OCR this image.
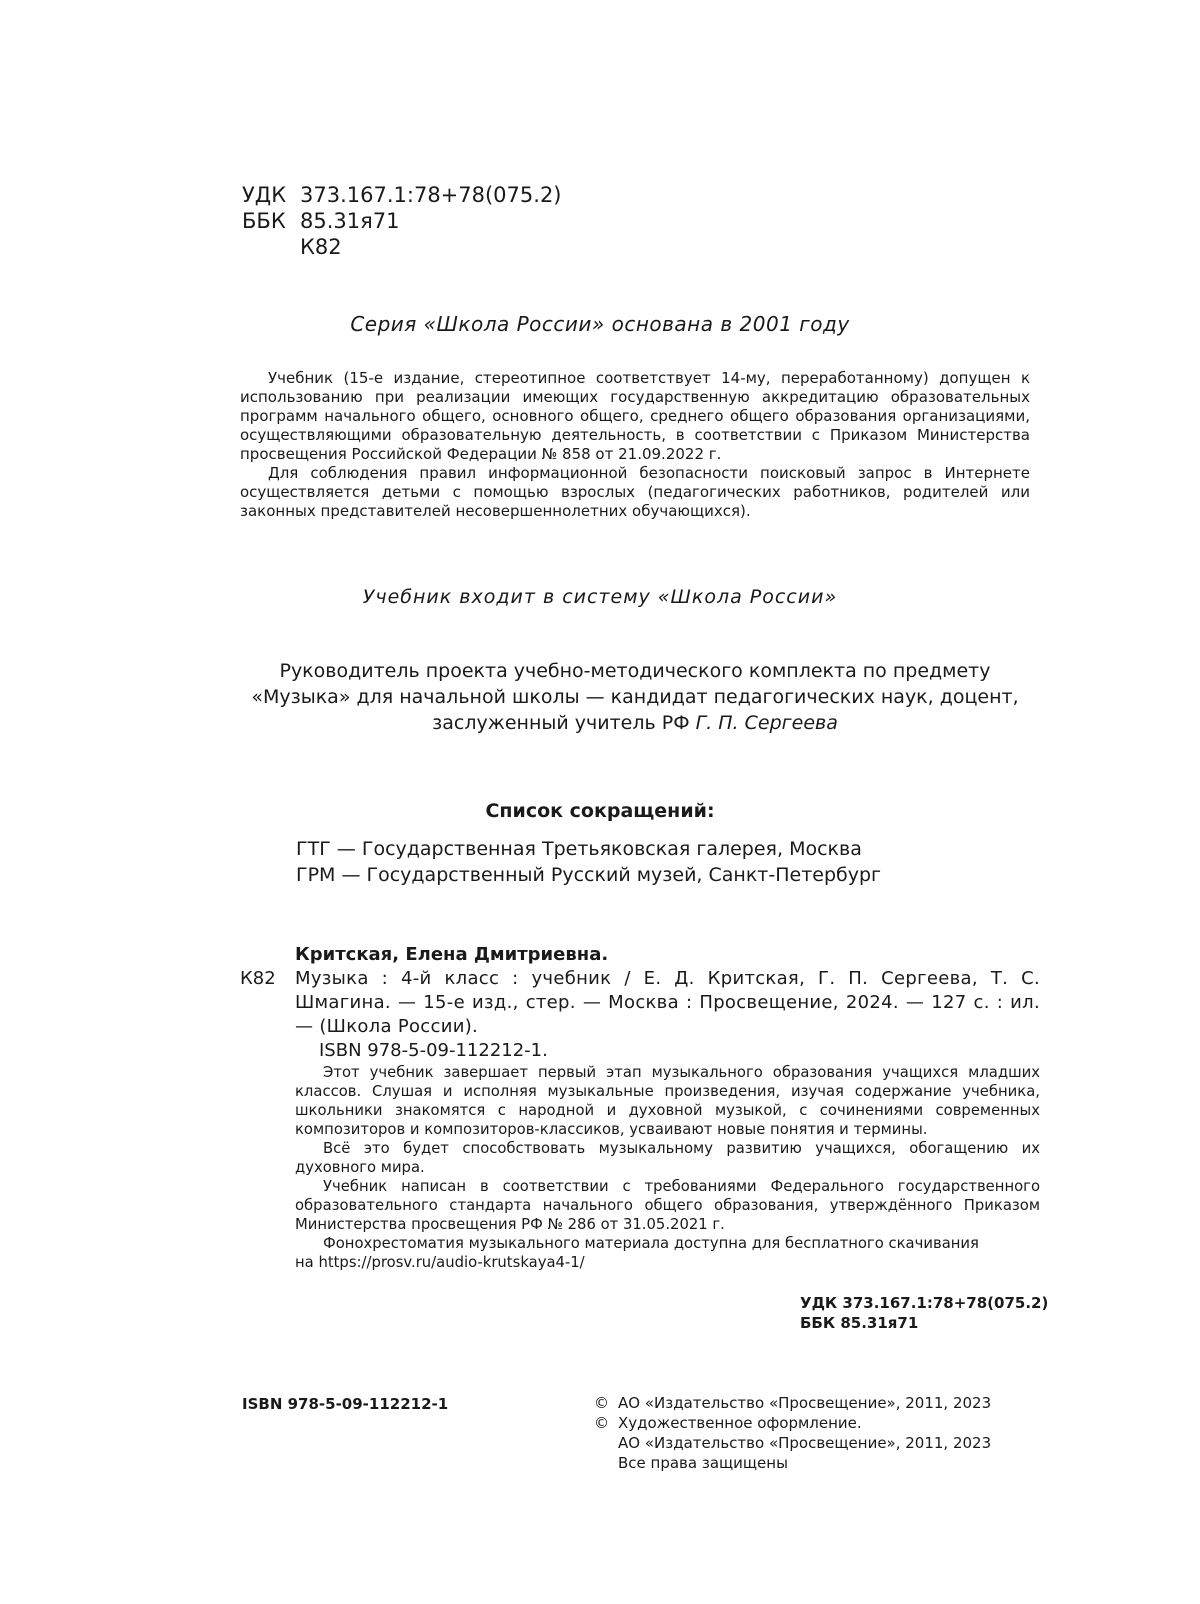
УДК 373.167.1:78+78(075.2)
ББК 85.31я71
К82
Серия «Школа России» основана в 2001 году

Учебник (15-е издание, стереотипное соответствует 14-му, переработанному) допущен к использованию при реализации имеющих государственную аккредитацию образовательных программ начального общего, основного общего, среднего общего образования организациями, осуществляющими образовательную деятельность, в соответствии с Приказом Министерства просвещения Российской Федерации № 858 от 21.09.2022 г.

Для соблюдения правил информационной безопасности поисковый запрос в Интернете осуществляется детьми с помощью взрослых (педагогических работников, родителей или законных представителей несовершеннолетних обучающихся).

Учебник входит в систему «Школа России»
Руководитель проекта учебно-методического комплекта по предмету «Музыка» для начальной школы — кандидат педагогических наук, доцент, заслуженный учитель РФ Г. П. Сергеева
Список сокращений:
ГТГ — Государственная Третьяковская галерея, Москва
ГРМ — Государственный Русский музей, Санкт-Петербург
Критская, Елена Дмитриевна.
К82	Музыка : 4-й класс : учебник / Е. Д. Критская, Г. П. Сергеева, Т. С. Шмагина. — 15-е изд., стер. — Москва : Просвещение, 2024. — 127 с. : ил. — (Школа России).
ISBN 978-5-09-112212-1.

Этот учебник завершает первый этап музыкального образования учащихся младших классов. Слушая и исполняя музыкальные произведения, изучая содержание учебника, школьники знакомятся с народной и духовной музыкой, с сочинениями современных композиторов и композиторов-классиков, усваивают новые понятия и термины.

Всё это будет способствовать музыкальному развитию учащихся, обогащению их духовного мира.

Учебник написан в соответствии с требованиями Федерального государственного образовательного стандарта начального общего образования, утверждённого Приказом Министерства просвещения РФ № 286 от 31.05.2021 г.

Фонохрестоматия музыкального материала доступна для бесплатного скачивания

на https://prosv.ru/audio-krutskaya4-1/

УДК 373.167.1:78+78(075.2)
ББК 85.31я71
ISBN 978-5-09-112212-1	© АО «Издательство «Просвещение», 2011, 2023
© Художественное оформление.
АО «Издательство «Просвещение», 2011, 2023
Все права защищены
